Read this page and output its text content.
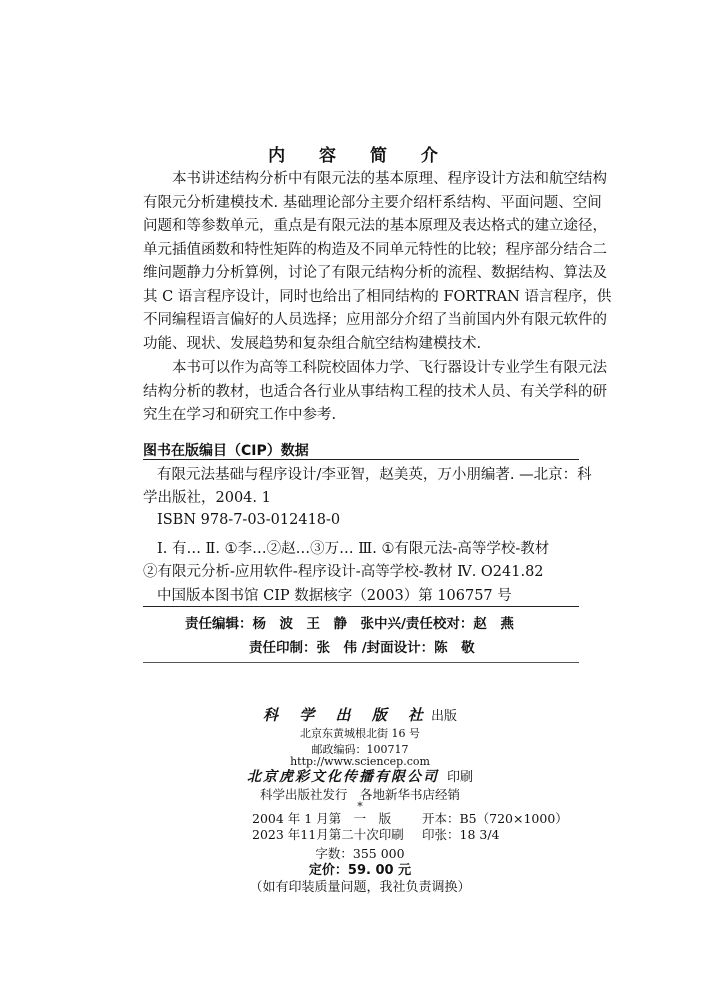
内 容 简 介
本书讲述结构分析中有限元法的基本原理、程序设计方法和航空结构
有限元分析建模技术. 基础理论部分主要介绍杆系结构、平面问题、空间
问题和等参数单元，重点是有限元法的基本原理及表达格式的建立途径，
单元插值函数和特性矩阵的构造及不同单元特性的比较；程序部分结合二
维问题静力分析算例，讨论了有限元结构分析的流程、数据结构、算法及
其 C 语言程序设计，同时也给出了相同结构的 FORTRAN 语言程序，供
不同编程语言偏好的人员选择；应用部分介绍了当前国内外有限元软件的
功能、现状、发展趋势和复杂组合航空结构建模技术.
本书可以作为高等工科院校固体力学、飞行器设计专业学生有限元法
结构分析的教材，也适合各行业从事结构工程的技术人员、有关学科的研
究生在学习和研究工作中参考.
图书在版编目（CIP）数据
有限元法基础与程序设计/李亚智，赵美英，万小朋编著. —北京：科
学出版社，2004. 1
ISBN 978-7-03-012418-0
Ⅰ. 有… Ⅱ. ①李…②赵…③万… Ⅲ. ①有限元法-高等学校-教材
②有限元分析-应用软件-程序设计-高等学校-教材 Ⅳ. O241.82
中国版本图书馆 CIP 数据核字（2003）第 106757 号
责任编辑：杨　波　王　静　张中兴/责任校对：赵　燕
责任印制：张　伟 /封面设计：陈　敬
科 学 出 版 社出版
北京东黄城根北街 16 号
邮政编码：100717
http://www.sciencep.com
北京虎彩文化传播有限公司 印刷
科学出版社发行　各地新华书店经销
*
2004 年 1 月第　一　版 开本：B5（720×1000）
2023 年11月第二十次印刷 印张：18 3/4
字数：355 000
定价：59. 00 元
（如有印装质量问题，我社负责调换）
